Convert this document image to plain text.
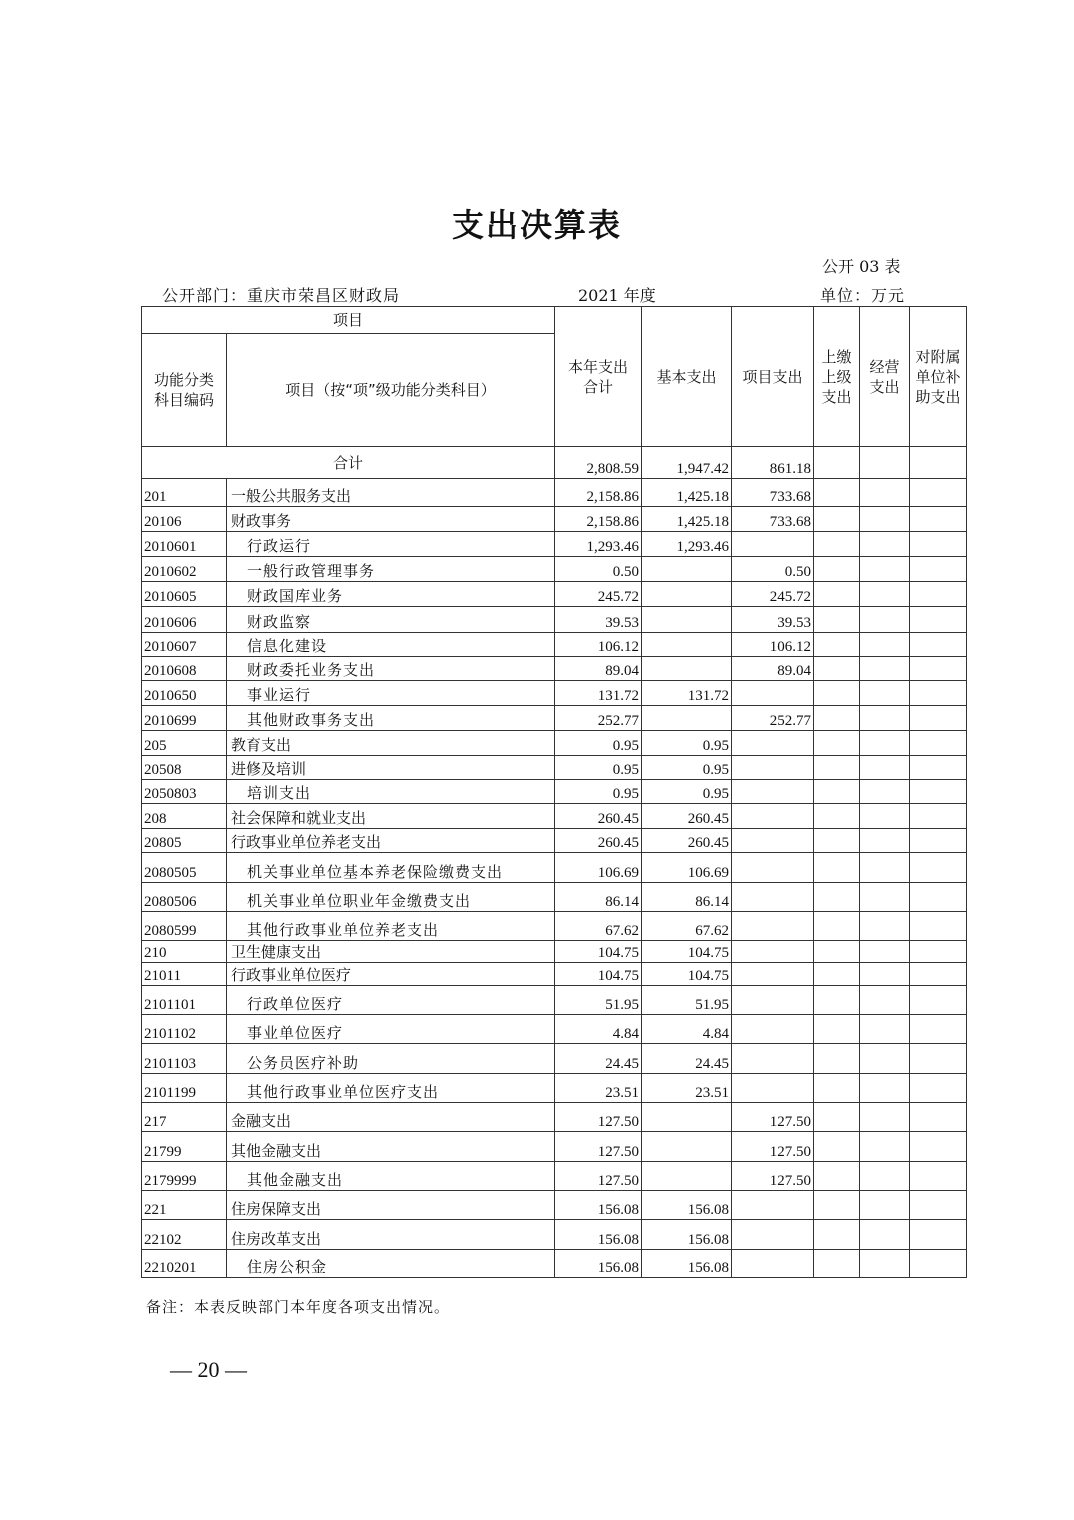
支出决算表
公开 03 表
公开部门：重庆市荣昌区财政局	2021 年度	单位：万元
项目		本年支出合计	基本支出	项目支出	上缴上级支出	经营支出	对附属单位补助支出
功能分类科目编码	项目（按“项”级功能分类科目）						
合计		2,808.59	1,947.42	861.18			
201	一般公共服务支出	2,158.86	1,425.18	733.68			
20106	财政事务	2,158.86	1,425.18	733.68			
2010601	行政运行	1,293.46	1,293.46				
2010602	一般行政管理事务	0.50		0.50			
2010605	财政国库业务	245.72		245.72			
2010606	财政监察	39.53		39.53			
2010607	信息化建设	106.12		106.12			
2010608	财政委托业务支出	89.04		89.04			
2010650	事业运行	131.72	131.72				
2010699	其他财政事务支出	252.77		252.77			
205	教育支出	0.95	0.95				
20508	进修及培训	0.95	0.95				
2050803	培训支出	0.95	0.95				
208	社会保障和就业支出	260.45	260.45				
20805	行政事业单位养老支出	260.45	260.45				
2080505	机关事业单位基本养老保险缴费支出	106.69	106.69				
2080506	机关事业单位职业年金缴费支出	86.14	86.14				
2080599	其他行政事业单位养老支出	67.62	67.62				
210	卫生健康支出	104.75	104.75				
21011	行政事业单位医疗	104.75	104.75				
2101101	行政单位医疗	51.95	51.95				
2101102	事业单位医疗	4.84	4.84				
2101103	公务员医疗补助	24.45	24.45				
2101199	其他行政事业单位医疗支出	23.51	23.51				
217	金融支出	127.50		127.50			
21799	其他金融支出	127.50		127.50			
2179999	其他金融支出	127.50		127.50			
221	住房保障支出	156.08	156.08				
22102	住房改革支出	156.08	156.08				
2210201	住房公积金	156.08	156.08				
备注：本表反映部门本年度各项支出情况。
— 20 —
